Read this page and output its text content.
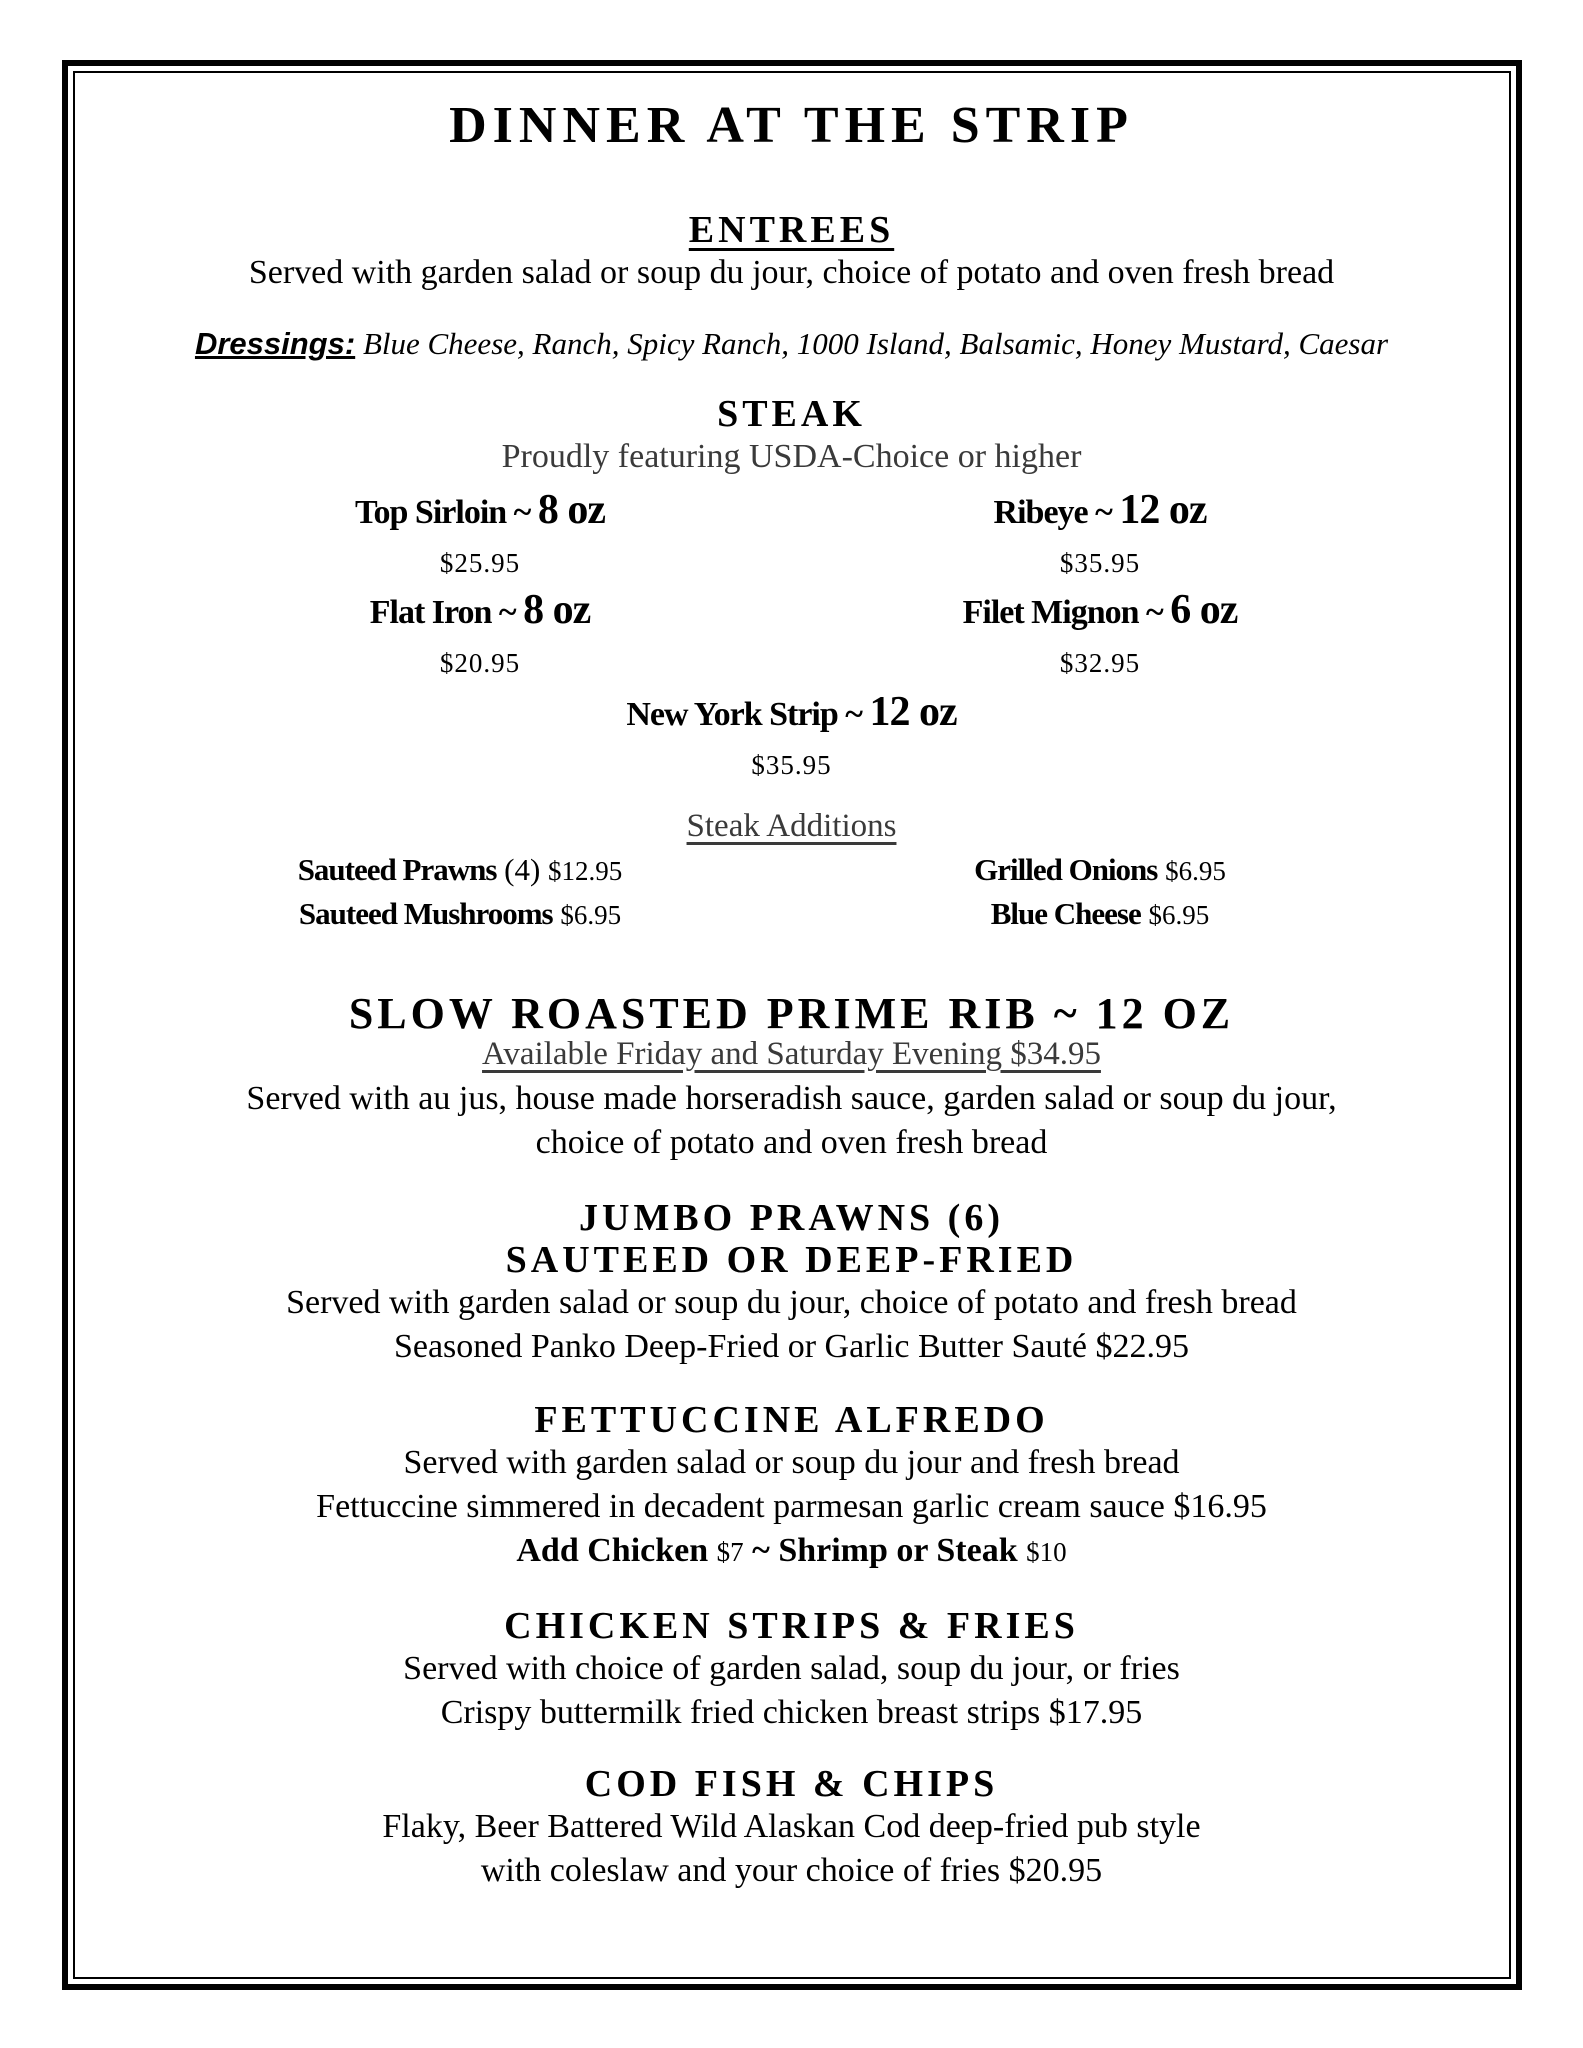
DINNER AT THE STRIP
ENTREES
Served with garden salad or soup du jour, choice of potato and oven fresh bread
Dressings: Blue Cheese, Ranch, Spicy Ranch, 1000 Island, Balsamic, Honey Mustard, Caesar
STEAK
Proudly featuring USDA-Choice or higher
Top Sirloin ~ 8 oz
$25.95
Ribeye ~ 12 oz
$35.95
Flat Iron ~ 8 oz
$20.95
Filet Mignon ~ 6 oz
$32.95
New York Strip ~ 12 oz
$35.95
Steak Additions
Sauteed Prawns (4) $12.95	Grilled Onions $6.95
Sauteed Mushrooms $6.95	Blue Cheese $6.95
SLOW ROASTED PRIME RIB ~ 12 OZ
Available Friday and Saturday Evening $34.95
Served with au jus, house made horseradish sauce, garden salad or soup du jour,
choice of potato and oven fresh bread
JUMBO PRAWNS (6)
SAUTEED OR DEEP-FRIED
Served with garden salad or soup du jour, choice of potato and fresh bread
Seasoned Panko Deep-Fried or Garlic Butter Sauté $22.95
FETTUCCINE ALFREDO
Served with garden salad or soup du jour and fresh bread
Fettuccine simmered in decadent parmesan garlic cream sauce $16.95
Add Chicken $7 ~ Shrimp or Steak $10
CHICKEN STRIPS & FRIES
Served with choice of garden salad, soup du jour, or fries
Crispy buttermilk fried chicken breast strips $17.95
COD FISH & CHIPS
Flaky, Beer Battered Wild Alaskan Cod deep-fried pub style
with coleslaw and your choice of fries $20.95
